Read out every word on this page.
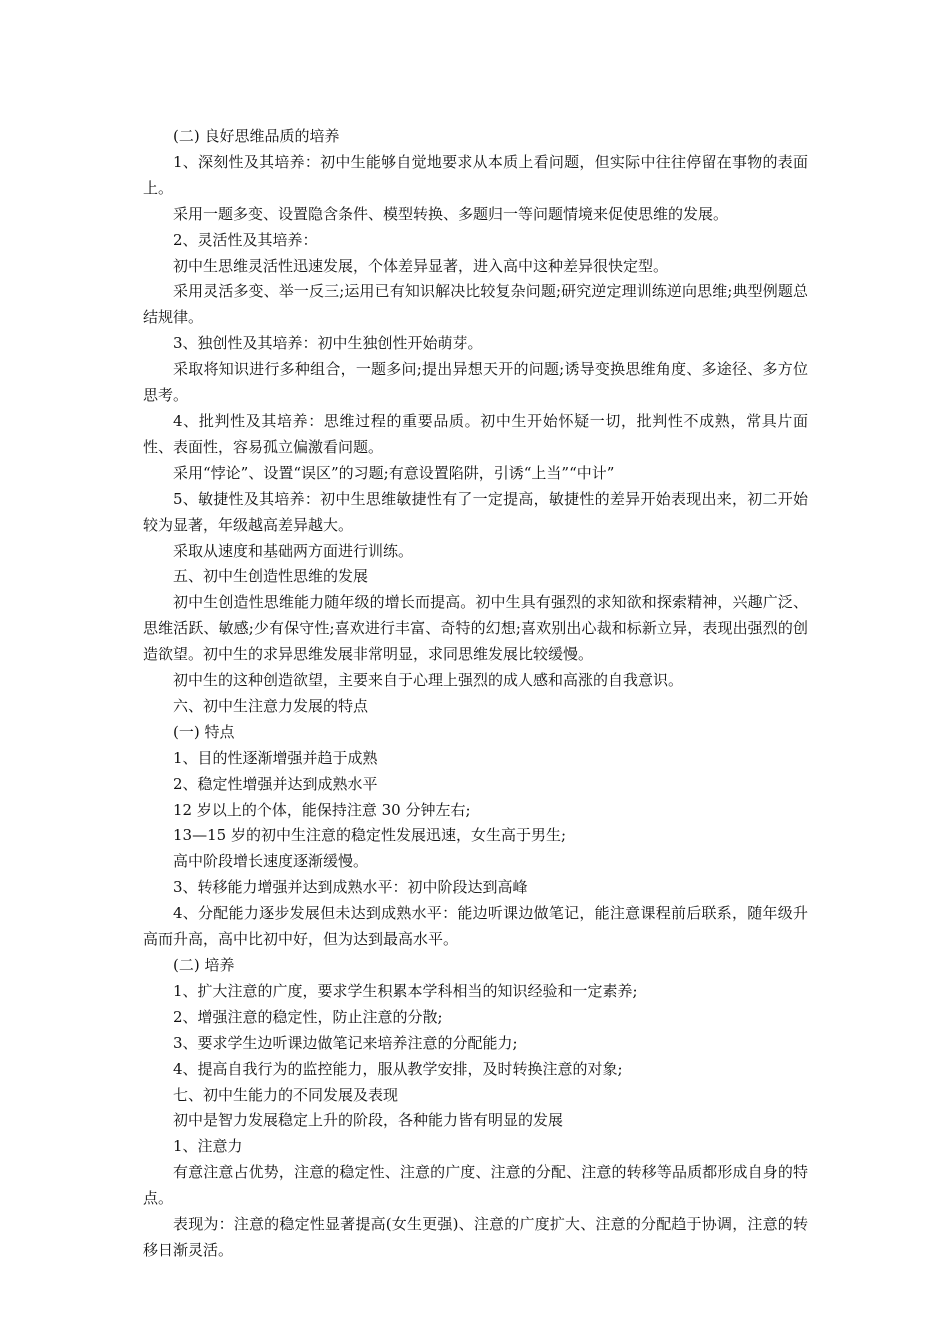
(二) 良好思维品质的培养

1、深刻性及其培养：初中生能够自觉地要求从本质上看问题，但实际中往往停留在事物的表面上。

采用一题多变、设置隐含条件、模型转换、多题归一等问题情境来促使思维的发展。

2、灵活性及其培养：

初中生思维灵活性迅速发展，个体差异显著，进入高中这种差异很快定型。

采用灵活多变、举一反三;运用已有知识解决比较复杂问题;研究逆定理训练逆向思维;典型例题总结规律。

3、独创性及其培养：初中生独创性开始萌芽。

采取将知识进行多种组合，一题多问;提出异想天开的问题;诱导变换思维角度、多途径、多方位思考。

4、批判性及其培养：思维过程的重要品质。初中生开始怀疑一切，批判性不成熟，常具片面性、表面性，容易孤立偏激看问题。

采用“悖论”、设置“误区”的习题;有意设置陷阱，引诱“上当”“中计”

5、敏捷性及其培养：初中生思维敏捷性有了一定提高，敏捷性的差异开始表现出来，初二开始较为显著，年级越高差异越大。

采取从速度和基础两方面进行训练。

五、初中生创造性思维的发展

初中生创造性思维能力随年级的增长而提高。初中生具有强烈的求知欲和探索精神，兴趣广泛、思维活跃、敏感;少有保守性;喜欢进行丰富、奇特的幻想;喜欢别出心裁和标新立异，表现出强烈的创造欲望。初中生的求异思维发展非常明显，求同思维发展比较缓慢。

初中生的这种创造欲望，主要来自于心理上强烈的成人感和高涨的自我意识。

六、初中生注意力发展的特点

(一) 特点

1、目的性逐渐增强并趋于成熟

2、稳定性增强并达到成熟水平

12 岁以上的个体，能保持注意 30 分钟左右;

13—15 岁的初中生注意的稳定性发展迅速，女生高于男生;

高中阶段增长速度逐渐缓慢。

3、转移能力增强并达到成熟水平：初中阶段达到高峰

4、分配能力逐步发展但未达到成熟水平：能边听课边做笔记，能注意课程前后联系，随年级升高而升高，高中比初中好，但为达到最高水平。

(二) 培养

1、扩大注意的广度，要求学生积累本学科相当的知识经验和一定素养;

2、增强注意的稳定性，防止注意的分散;

3、要求学生边听课边做笔记来培养注意的分配能力;

4、提高自我行为的监控能力，服从教学安排，及时转换注意的对象;

七、初中生能力的不同发展及表现

初中是智力发展稳定上升的阶段，各种能力皆有明显的发展

1、注意力

有意注意占优势，注意的稳定性、注意的广度、注意的分配、注意的转移等品质都形成自身的特点。

表现为：注意的稳定性显著提高(女生更强)、注意的广度扩大、注意的分配趋于协调，注意的转移日渐灵活。
